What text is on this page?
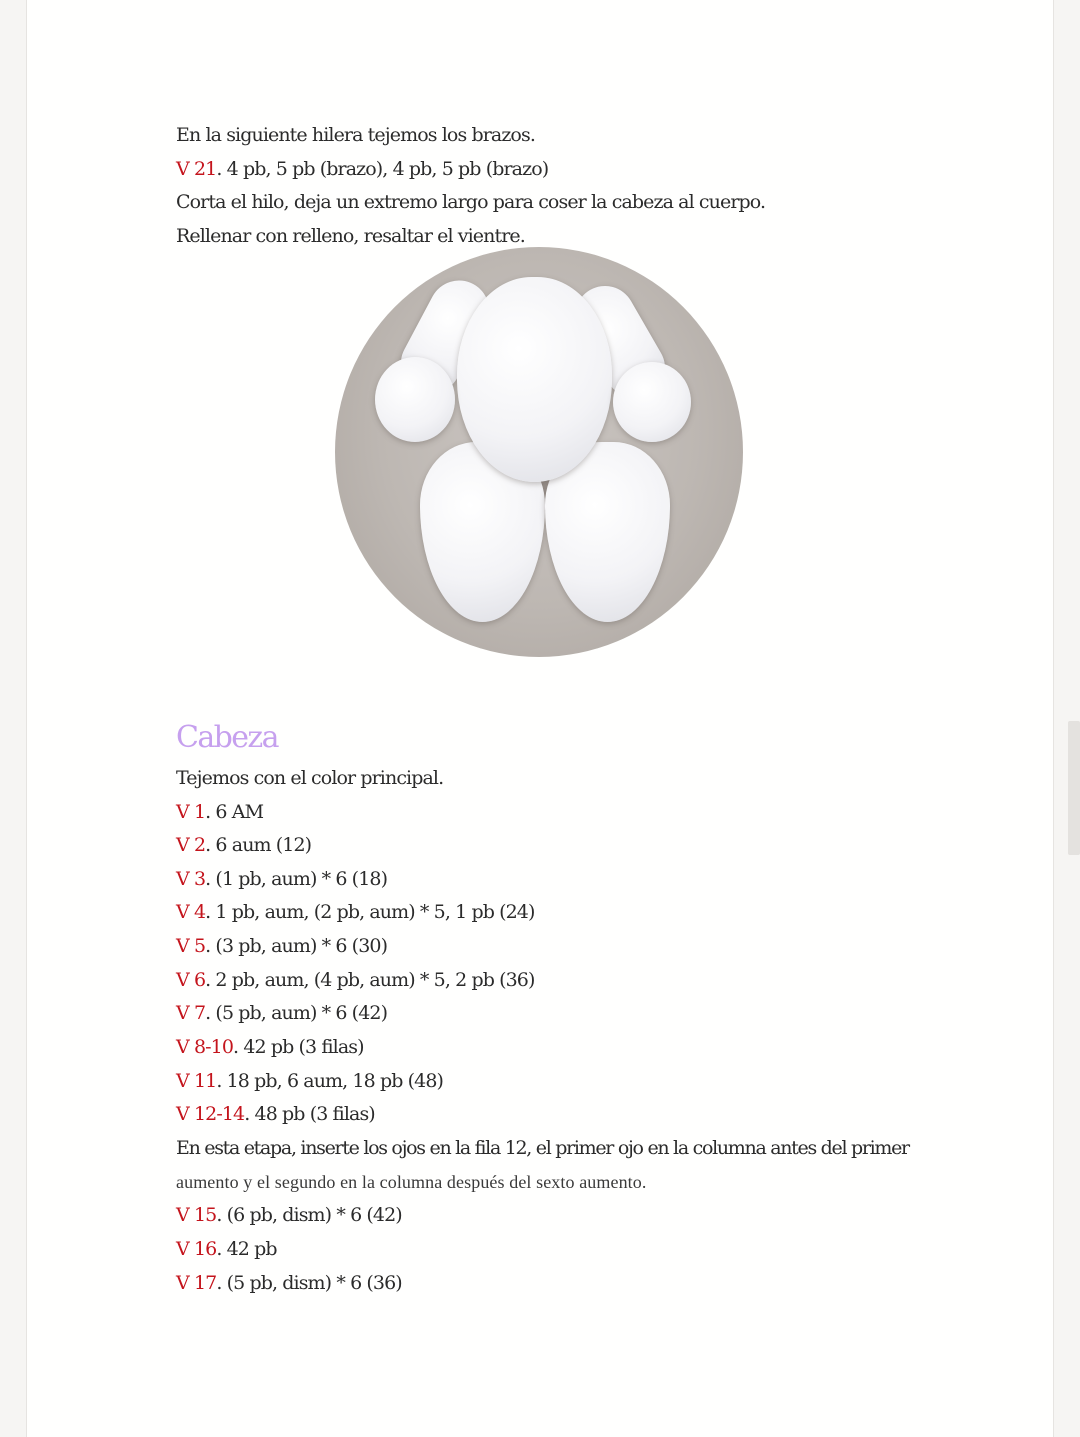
En la siguiente hilera tejemos los brazos.
V 21. 4 pb, 5 pb (brazo), 4 pb, 5 pb (brazo)
Corta el hilo, deja un extremo largo para coser la cabeza al cuerpo.
Rellenar con relleno, resaltar el vientre.
Cabeza
Tejemos con el color principal.
V 1. 6 AM
V 2. 6 aum (12)
V 3. (1 pb, aum) * 6 (18)
V 4. 1 pb, aum, (2 pb, aum) * 5, 1 pb (24)
V 5. (3 pb, aum) * 6 (30)
V 6. 2 pb, aum, (4 pb, aum) * 5, 2 pb (36)
V 7. (5 pb, aum) * 6 (42)
V 8-10. 42 pb (3 filas)
V 11. 18 pb, 6 aum, 18 pb (48)
V 12-14. 48 pb (3 filas)
En esta etapa, inserte los ojos en la fila 12, el primer ojo en la columna antes del primer
aumento y el segundo en la columna después del sexto aumento.
V 15. (6 pb, dism) * 6 (42)
V 16. 42 pb
V 17. (5 pb, dism) * 6 (36)
